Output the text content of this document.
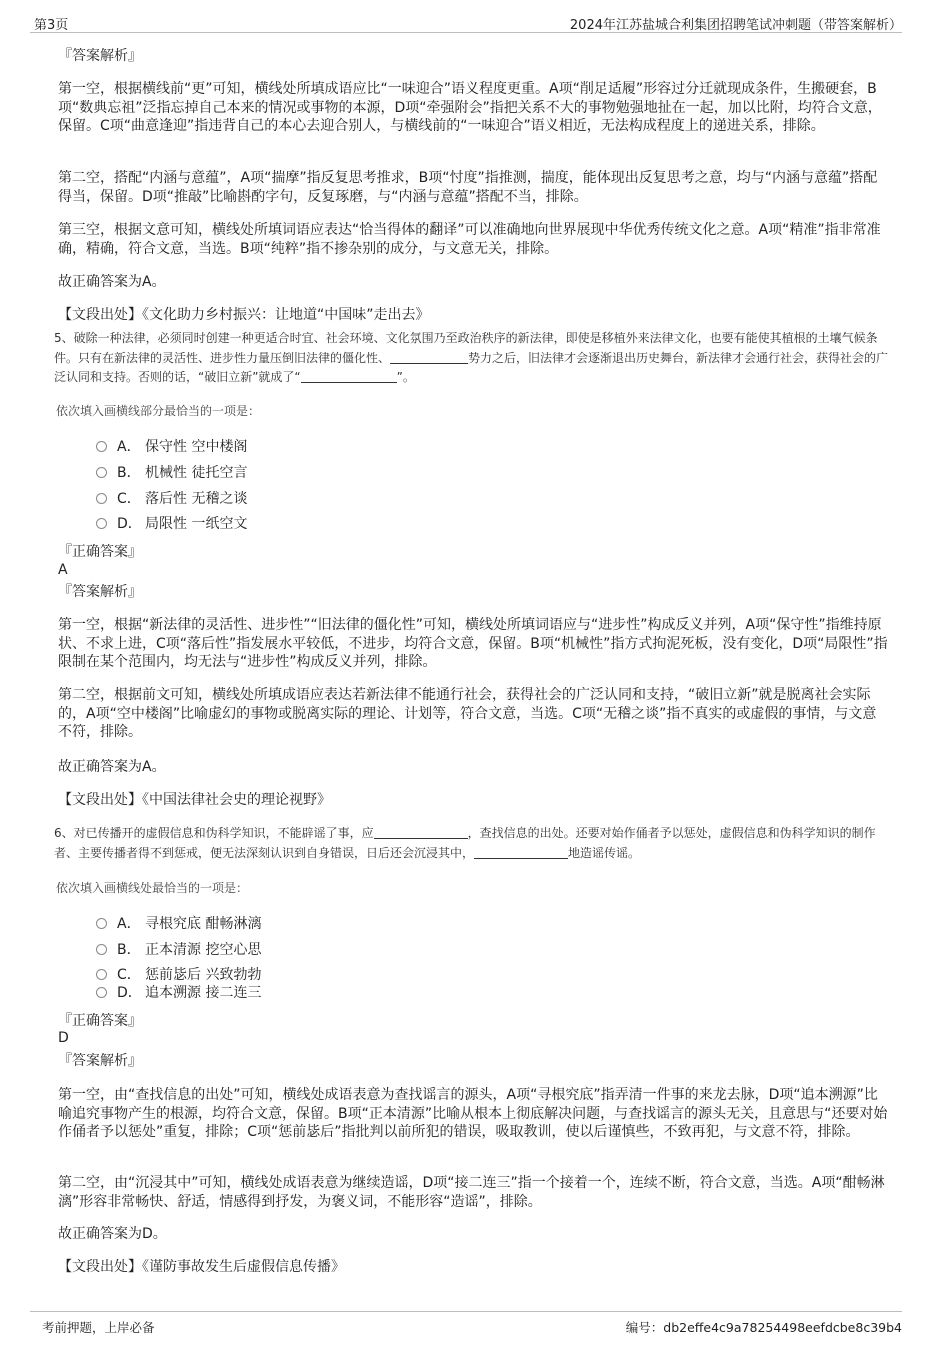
第3页	2024年江苏盐城合利集团招聘笔试冲刺题（带答案解析）
『答案解析』
第一空，根据横线前“更”可知，横线处所填成语应比“一味迎合”语义程度更重。A项“削足适履”形容过分迁就现成条件，生搬硬套，B项“数典忘祖”泛指忘掉自己本来的情况或事物的本源，D项“牵强附会”指把关系不大的事物勉强地扯在一起，加以比附，均符合文意，保留。C项“曲意逢迎”指违背自己的本心去迎合别人，与横线前的“一味迎合”语义相近，无法构成程度上的递进关系，排除。
第二空，搭配“内涵与意蕴”，A项“揣摩”指反复思考推求，B项“忖度”指推测，揣度，能体现出反复思考之意，均与“内涵与意蕴”搭配得当，保留。D项“推敲”比喻斟酌字句，反复琢磨，与“内涵与意蕴”搭配不当，排除。
第三空，根据文意可知，横线处所填词语应表达“恰当得体的翻译”可以准确地向世界展现中华优秀传统文化之意。A项“精准”指非常准确，精确，符合文意，当选。B项“纯粹”指不掺杂别的成分，与文意无关，排除。
故正确答案为A。
【文段出处】《文化助力乡村振兴：让地道“中国味”走出去》
5、破除一种法律，必须同时创建一种更适合时宜、社会环境、文化氛围乃至政治秩序的新法律，即使是移植外来法律文化，也要有能使其植根的土壤气候条件。只有在新法律的灵活性、进步性力量压倒旧法律的僵化性、	势力之后，旧法律才会逐渐退出历史舞台，新法律才会通行社会，获得社会的广泛认同和支持。否则的话，“破旧立新”就成了“	”。
依次填入画横线部分最恰当的一项是：
A． 保守性 空中楼阁
B． 机械性 徒托空言
C． 落后性 无稽之谈
D． 局限性 一纸空文
『正确答案』
A
『答案解析』
第一空，根据“新法律的灵活性、进步性”“旧法律的僵化性”可知，横线处所填词语应与“进步性”构成反义并列，A项“保守性”指维持原状、不求上进，C项“落后性”指发展水平较低，不进步，均符合文意，保留。B项“机械性”指方式拘泥死板，没有变化，D项“局限性”指限制在某个范围内，均无法与“进步性”构成反义并列，排除。
第二空，根据前文可知，横线处所填成语应表达若新法律不能通行社会，获得社会的广泛认同和支持，“破旧立新”就是脱离社会实际的，A项“空中楼阁”比喻虚幻的事物或脱离实际的理论、计划等，符合文意，当选。C项“无稽之谈”指不真实的或虚假的事情，与文意不符，排除。
故正确答案为A。
【文段出处】《中国法律社会史的理论视野》
6、对已传播开的虚假信息和伪科学知识，不能辟谣了事，应	，查找信息的出处。还要对始作俑者予以惩处，虚假信息和伪科学知识的制作者、主要传播者得不到惩戒，便无法深刻认识到自身错误，日后还会沉浸其中，	地造谣传谣。
依次填入画横线处最恰当的一项是：
A． 寻根究底 酣畅淋漓
B． 正本清源 挖空心思
C． 惩前毖后 兴致勃勃
D． 追本溯源 接二连三
『正确答案』
D
『答案解析』
第一空，由“查找信息的出处”可知，横线处成语表意为查找谣言的源头，A项“寻根究底”指弄清一件事的来龙去脉，D项“追本溯源”比喻追究事物产生的根源，均符合文意，保留。B项“正本清源”比喻从根本上彻底解决问题，与查找谣言的源头无关，且意思与“还要对始作俑者予以惩处”重复，排除；C项“惩前毖后”指批判以前所犯的错误，吸取教训，使以后谨慎些，不致再犯，与文意不符，排除。
第二空，由“沉浸其中”可知，横线处成语表意为继续造谣，D项“接二连三”指一个接着一个，连续不断，符合文意，当选。A项“酣畅淋漓”形容非常畅快、舒适，情感得到抒发，为褒义词，不能形容“造谣”，排除。
故正确答案为D。
【文段出处】《谨防事故发生后虚假信息传播》
考前押题，上岸必备	编号：db2effe4c9a78254498eefdcbe8c39b4
